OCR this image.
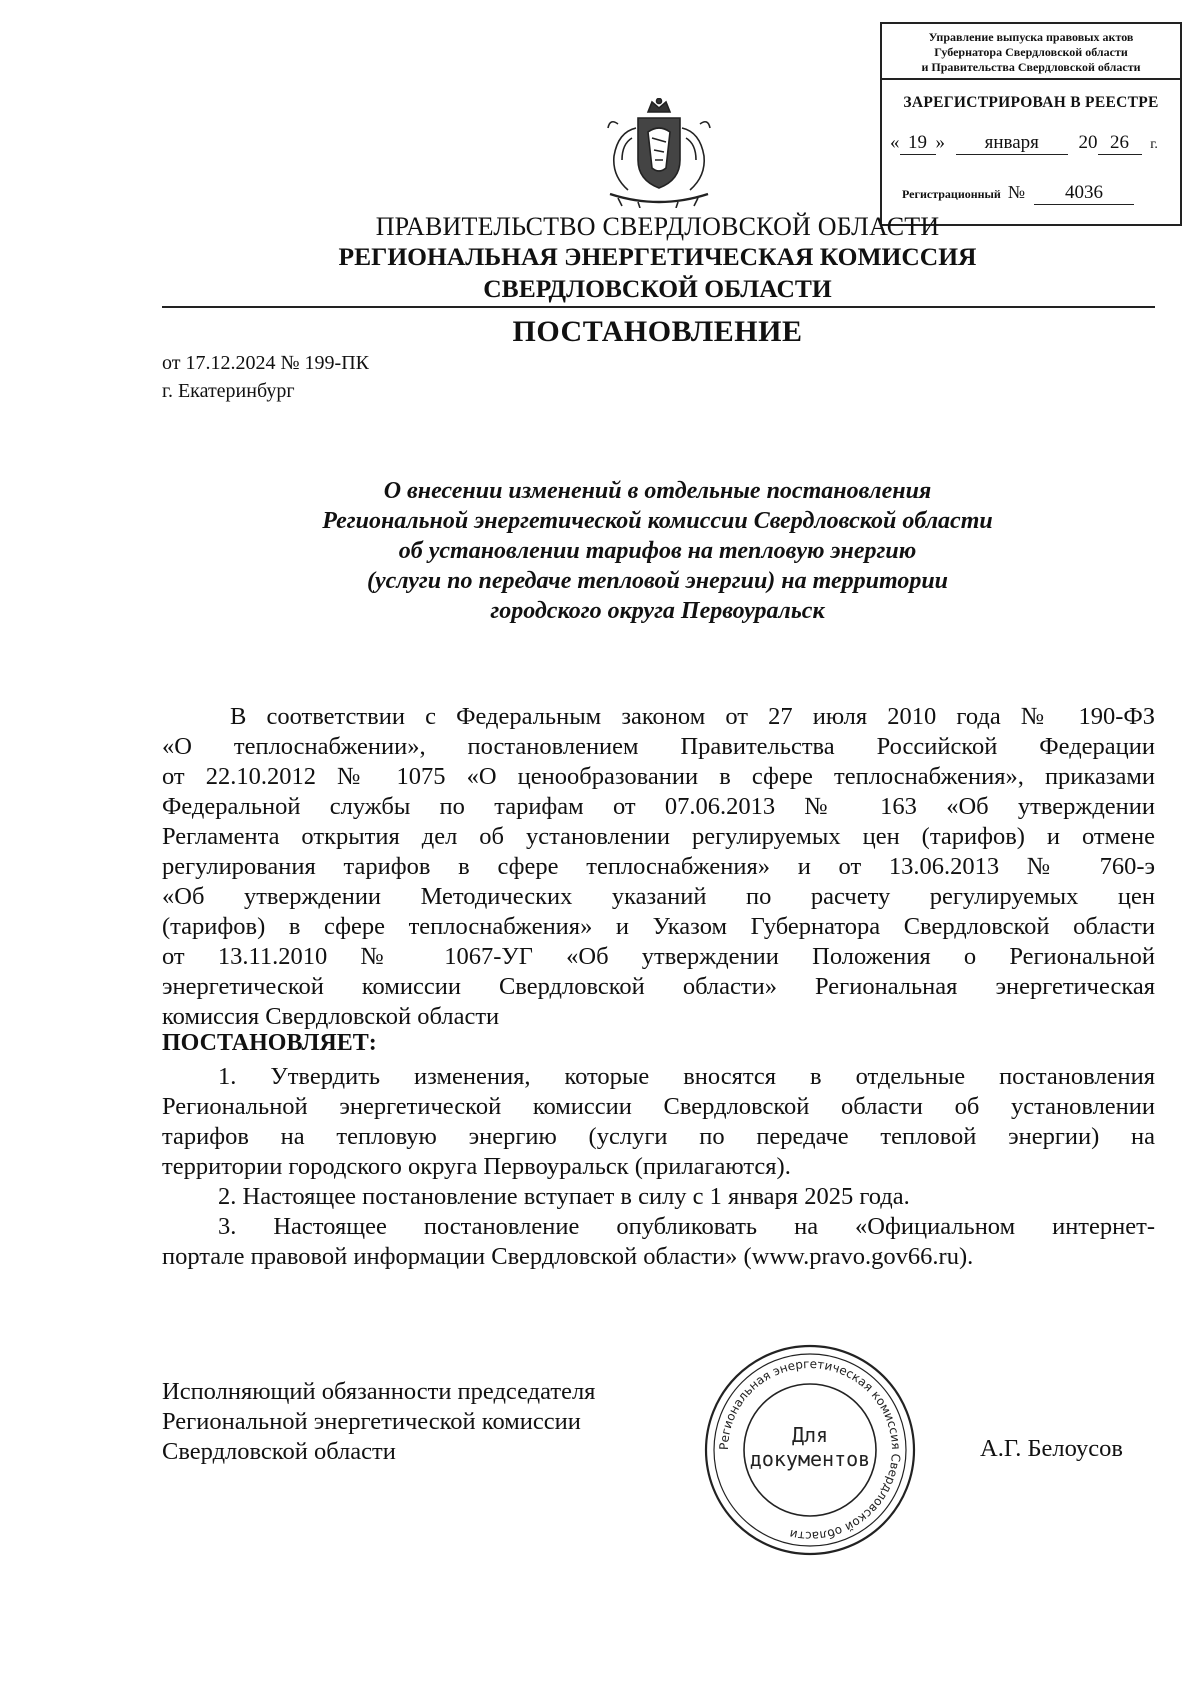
Управление выпуска правовых актов
Губернатора Свердловской области
и Правительства Свердловской области
ЗАРЕГИСТРИРОВАН В РЕЕСТРЕ
« 19 » января 20 26 г.
Регистрационный № 4036
ПРАВИТЕЛЬСТВО СВЕРДЛОВСКОЙ ОБЛАСТИ
РЕГИОНАЛЬНАЯ ЭНЕРГЕТИЧЕСКАЯ КОМИССИЯ
СВЕРДЛОВСКОЙ ОБЛАСТИ
ПОСТАНОВЛЕНИЕ
от 17.12.2024 № 199-ПК
г. Екатеринбург
О внесении изменений в отдельные постановления
Региональной энергетической комиссии Свердловской области
об установлении тарифов на тепловую энергию
(услуги по передаче тепловой энергии) на территории
городского округа Первоуральск
В соответствии с Федеральным законом от 27 июля 2010 года № 190-ФЗ
«О теплоснабжении», постановлением Правительства Российской Федерации
от 22.10.2012 № 1075 «О ценообразовании в сфере теплоснабжения», приказами
Федеральной службы по тарифам от 07.06.2013 № 163 «Об утверждении
Регламента открытия дел об установлении регулируемых цен (тарифов) и отмене
регулирования тарифов в сфере теплоснабжения» и от 13.06.2013 № 760-э
«Об утверждении Методических указаний по расчету регулируемых цен
(тарифов) в сфере теплоснабжения» и Указом Губернатора Свердловской области
от 13.11.2010 № 1067-УГ «Об утверждении Положения о Региональной
энергетической комиссии Свердловской области» Региональная энергетическая
комиссия Свердловской области
ПОСТАНОВЛЯЕТ:
1. Утвердить изменения, которые вносятся в отдельные постановления
Региональной энергетической комиссии Свердловской области об установлении
тарифов на тепловую энергию (услуги по передаче тепловой энергии) на
территории городского округа Первоуральск (прилагаются).
2. Настоящее постановление вступает в силу с 1 января 2025 года.
3. Настоящее постановление опубликовать на «Официальном интернет-
портале правовой информации Свердловской области» (www.pravo.gov66.ru).
Исполняющий обязанности председателя
Региональной энергетической комиссии
Свердловской области	А.Г. Белоусов
Региональная энергетическая комиссия Свердловской области
Для
документов
